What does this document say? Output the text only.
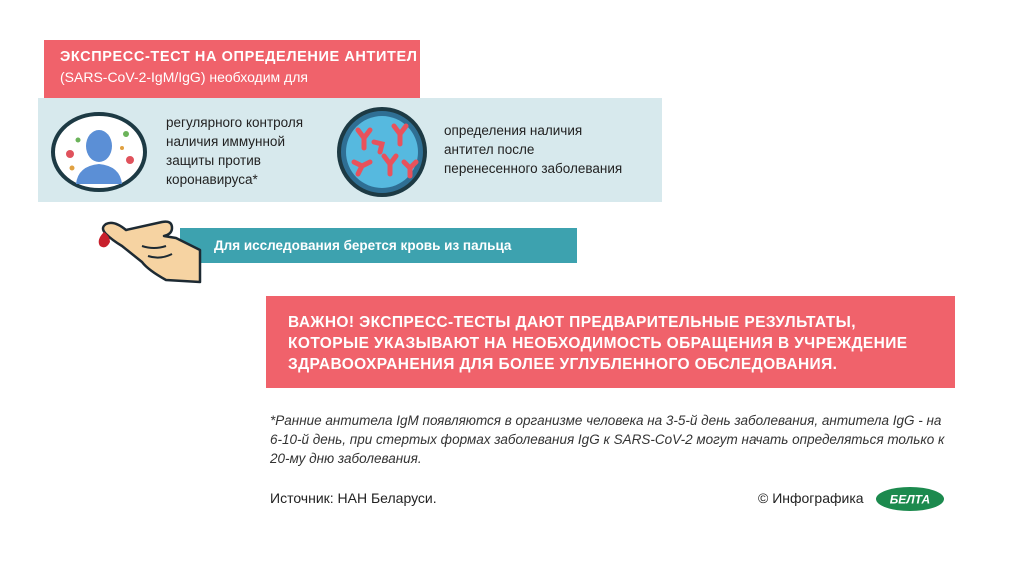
ЭКСПРЕСС-ТЕСТ НА ОПРЕДЕЛЕНИЕ АНТИТЕЛ
(SARS-CoV-2-IgM/IgG) необходим для
регулярного контроля
наличия иммунной
защиты против
коронавируса*
определения наличия
антител после
перенесенного заболевания
Для исследования берется кровь из пальца
ВАЖНО! ЭКСПРЕСС-ТЕСТЫ ДАЮТ ПРЕДВАРИТЕЛЬНЫЕ РЕЗУЛЬТАТЫ,
КОТОРЫЕ УКАЗЫВАЮТ НА НЕОБХОДИМОСТЬ ОБРАЩЕНИЯ В УЧРЕЖДЕНИЕ
ЗДРАВООХРАНЕНИЯ ДЛЯ БОЛЕЕ УГЛУБЛЕННОГО ОБСЛЕДОВАНИЯ.
*Ранние антитела IgM появляются в организме человека на 3-5-й день заболевания, антитела IgG - на
6-10-й день, при стертых формах заболевания IgG к SARS-CoV-2 могут начать определяться только к
20-му дню заболевания.
Источник: НАН Беларуси.	© Инфографика БЕЛТА
